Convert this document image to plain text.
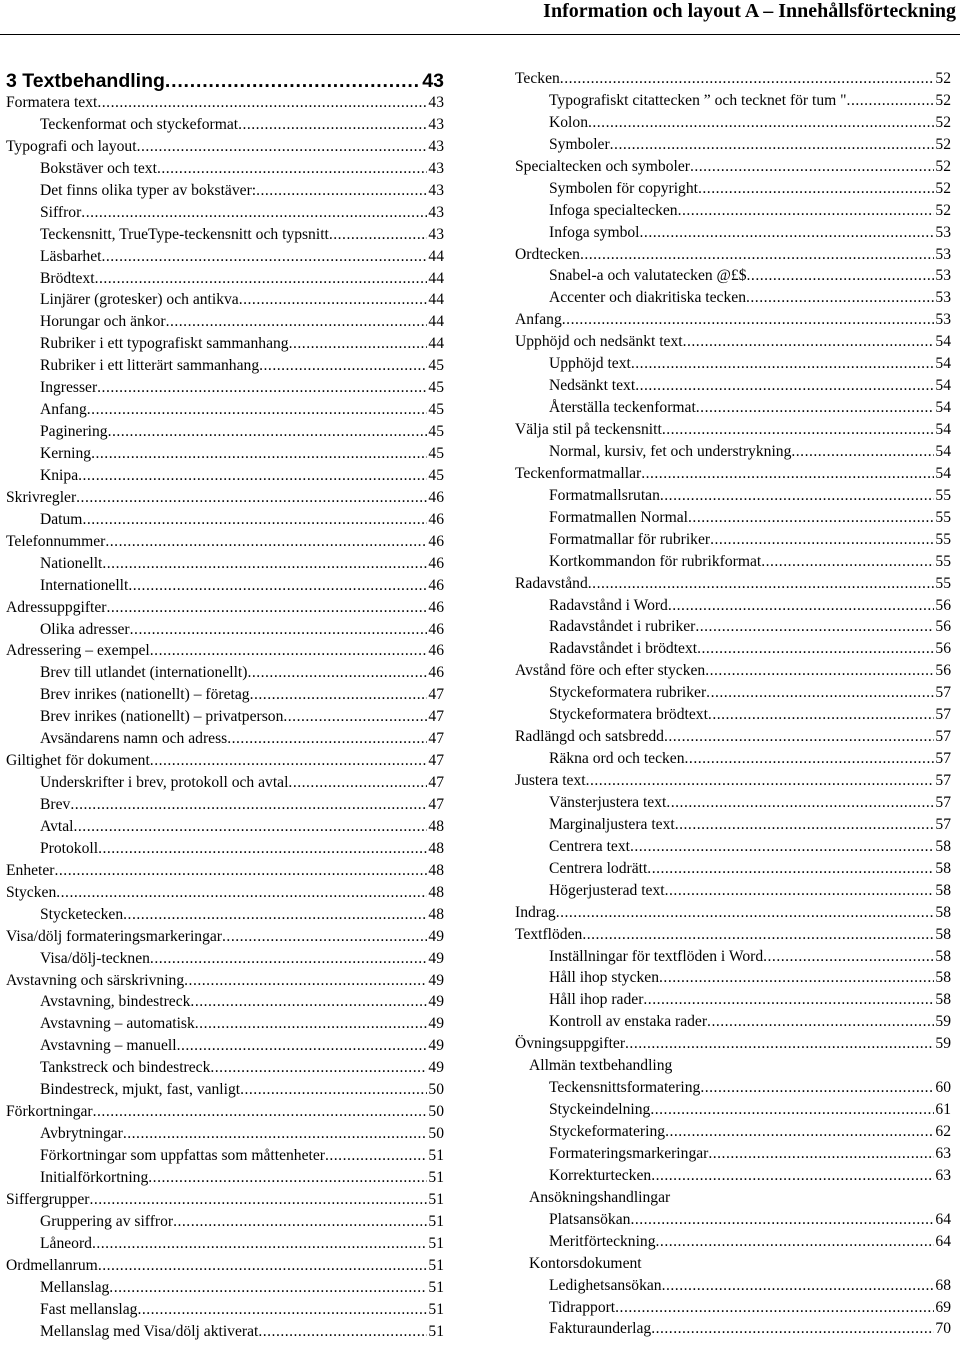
Information och layout A – Innehållsförteckning
3 Textbehandling .....	43
Formatera text .....	43
Teckenformat och styckeformat .....	43
Typografi och layout .....	43
Bokstäver och text .....	43
Det finns olika typer av bokstäver: .....	43
Siffror .....	43
Teckensnitt, TrueType-teckensnitt och typsnitt .....	43
Läsbarhet .....	44
Brödtext .....	44
Linjärer (grotesker) och antikva .....	44
Horungar och änkor .....	44
Rubriker i ett typografiskt sammanhang .....	44
Rubriker i ett litterärt sammanhang .....	45
Ingresser .....	45
Anfang .....	45
Paginering .....	45
Kerning .....	45
Knipa .....	45
Skrivregler .....	46
Datum .....	46
Telefonnummer .....	46
Nationellt .....	46
Internationellt .....	46
Adressuppgifter .....	46
Olika adresser .....	46
Adressering – exempel .....	46
Brev till utlandet (internationellt) .....	46
Brev inrikes (nationellt) – företag .....	47
Brev inrikes (nationellt) – privatperson .....	47
Avsändarens namn och adress .....	47
Giltighet för dokument .....	47
Underskrifter i brev, protokoll och avtal .....	47
Brev .....	47
Avtal .....	48
Protokoll .....	48
Enheter .....	48
Stycken .....	48
Stycketecken .....	48
Visa/dölj formateringsmarkeringar .....	49
Visa/dölj-tecknen .....	49
Avstavning och särskrivning .....	49
Avstavning, bindestreck .....	49
Avstavning – automatisk .....	49
Avstavning – manuell .....	49
Tankstreck och bindestreck .....	49
Bindestreck, mjukt, fast, vanligt .....	50
Förkortningar .....	50
Avbrytningar .....	50
Förkortningar som uppfattas som måttenheter .....	51
Initialförkortning .....	51
Siffergrupper .....	51
Gruppering av siffror .....	51
Låneord .....	51
Ordmellanrum .....	51
Mellanslag .....	51
Fast mellanslag .....	51
Mellanslag med Visa/dölj aktiverat .....	51
Tecken .....	52
Typografiskt citattecken ” och tecknet för tum " .....	52
Kolon .....	52
Symboler .....	52
Specialtecken och symboler .....	52
Symbolen för copyright .....	52
Infoga specialtecken .....	52
Infoga symbol .....	53
Ordtecken .....	53
Snabel-a och valutatecken @£$ .....	53
Accenter och diakritiska tecken .....	53
Anfang .....	53
Upphöjd och nedsänkt text .....	54
Upphöjd text .....	54
Nedsänkt text .....	54
Återställa teckenformat .....	54
Välja stil på teckensnitt .....	54
Normal, kursiv, fet och understrykning .....	54
Teckenformatmallar .....	54
Formatmallsrutan .....	55
Formatmallen Normal .....	55
Formatmallar för rubriker .....	55
Kortkommandon för rubrikformat .....	55
Radavstånd .....	55
Radavstånd i Word .....	56
Radavståndet i rubriker .....	56
Radavståndet i brödtext .....	56
Avstånd före och efter stycken .....	56
Styckeformatera rubriker .....	57
Styckeformatera brödtext .....	57
Radlängd och satsbredd .....	57
Räkna ord och tecken .....	57
Justera text .....	57
Vänsterjustera text .....	57
Marginaljustera text .....	57
Centrera text .....	58
Centrera lodrätt .....	58
Högerjusterad text .....	58
Indrag .....	58
Textflöden .....	58
Inställningar för textflöden i Word .....	58
Håll ihop stycken .....	58
Håll ihop rader .....	58
Kontroll av enstaka rader .....	59
Övningsuppgifter .....	59
Allmän textbehandling
Teckensnittsformatering .....	60
Styckeindelning .....	61
Styckeformatering .....	62
Formateringsmarkeringar .....	63
Korrekturtecken .....	63
Ansökningshandlingar
Platsansökan .....	64
Meritförteckning .....	64
Kontorsdokument
Ledighetsansökan .....	68
Tidrapport .....	69
Fakturaunderlag .....	70
